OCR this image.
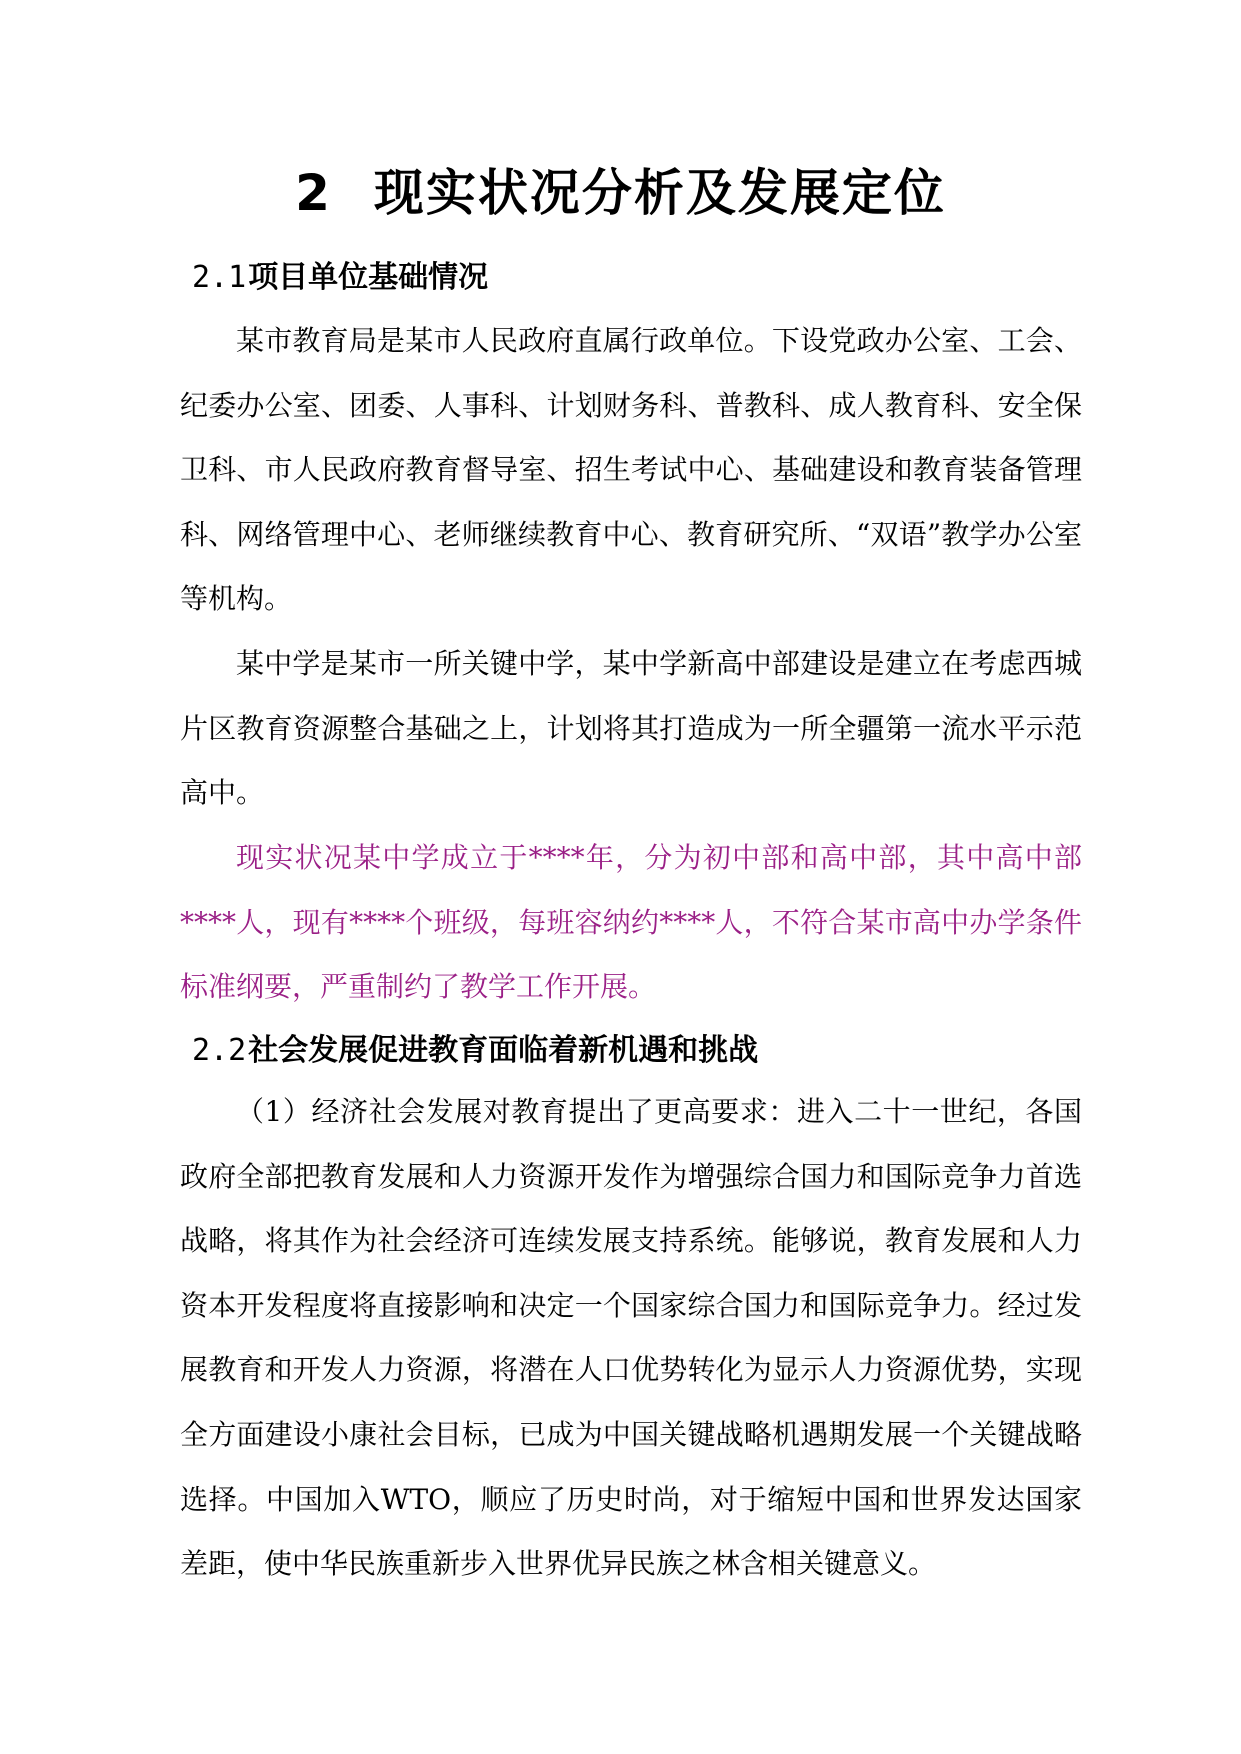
2 现实状况分析及发展定位
2.1项目单位基础情况

某市教育局是某市人民政府直属行政单位。下设党政办公室、工会、纪委办公室、团委、人事科、计划财务科、普教科、成人教育科、安全保卫科、市人民政府教育督导室、招生考试中心、基础建设和教育装备管理科、网络管理中心、老师继续教育中心、教育研究所、“双语”教学办公室等机构。

某中学是某市一所关键中学，某中学新高中部建设是建立在考虑西城片区教育资源整合基础之上，计划将其打造成为一所全疆第一流水平示范高中。

现实状况某中学成立于****年，分为初中部和高中部，其中高中部****人，现有****个班级，每班容纳约****人，不符合某市高中办学条件标准纲要，严重制约了教学工作开展。

2.2社会发展促进教育面临着新机遇和挑战

（1）经济社会发展对教育提出了更高要求：进入二十一世纪，各国政府全部把教育发展和人力资源开发作为增强综合国力和国际竞争力首选战略，将其作为社会经济可连续发展支持系统。能够说，教育发展和人力资本开发程度将直接影响和决定一个国家综合国力和国际竞争力。经过发展教育和开发人力资源，将潜在人口优势转化为显示人力资源优势，实现全方面建设小康社会目标，已成为中国关键战略机遇期发展一个关键战略选择。中国加入WTO，顺应了历史时尚，对于缩短中国和世界发达国家差距，使中华民族重新步入世界优异民族之林含相关键意义。
